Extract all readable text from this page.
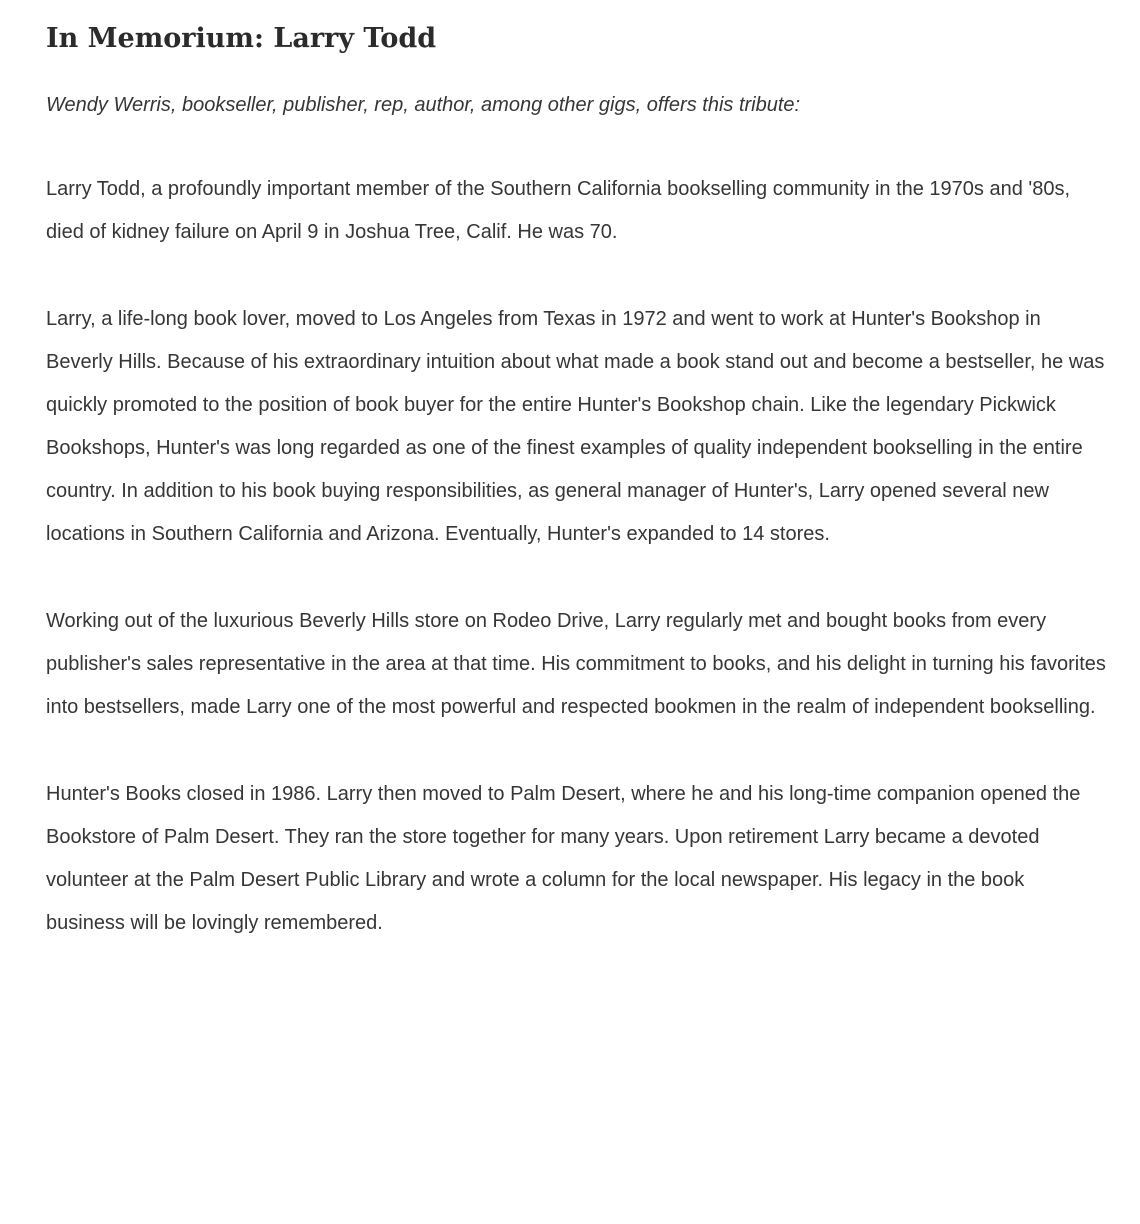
In Memorium: Larry Todd

Wendy Werris, bookseller, publisher, rep, author, among other gigs, offers this tribute:

Larry Todd, a profoundly important member of the Southern California bookselling community in the 1970s and '80s, died of kidney failure on April 9 in Joshua Tree, Calif. He was 70.

Larry, a life-long book lover, moved to Los Angeles from Texas in 1972 and went to work at Hunter's Bookshop in Beverly Hills. Because of his extraordinary intuition about what made a book stand out and become a bestseller, he was quickly promoted to the position of book buyer for the entire Hunter's Bookshop chain. Like the legendary Pickwick Bookshops, Hunter's was long regarded as one of the finest examples of quality independent bookselling in the entire country. In addition to his book buying responsibilities, as general manager of Hunter's, Larry opened several new locations in Southern California and Arizona. Eventually, Hunter's expanded to 14 stores.

Working out of the luxurious Beverly Hills store on Rodeo Drive, Larry regularly met and bought books from every publisher's sales representative in the area at that time. His commitment to books, and his delight in turning his favorites into bestsellers, made Larry one of the most powerful and respected bookmen in the realm of independent bookselling.

Hunter's Books closed in 1986. Larry then moved to Palm Desert, where he and his long-time companion opened the Bookstore of Palm Desert. They ran the store together for many years. Upon retirement Larry became a devoted volunteer at the Palm Desert Public Library and wrote a column for the local newspaper. His legacy in the book business will be lovingly remembered.
